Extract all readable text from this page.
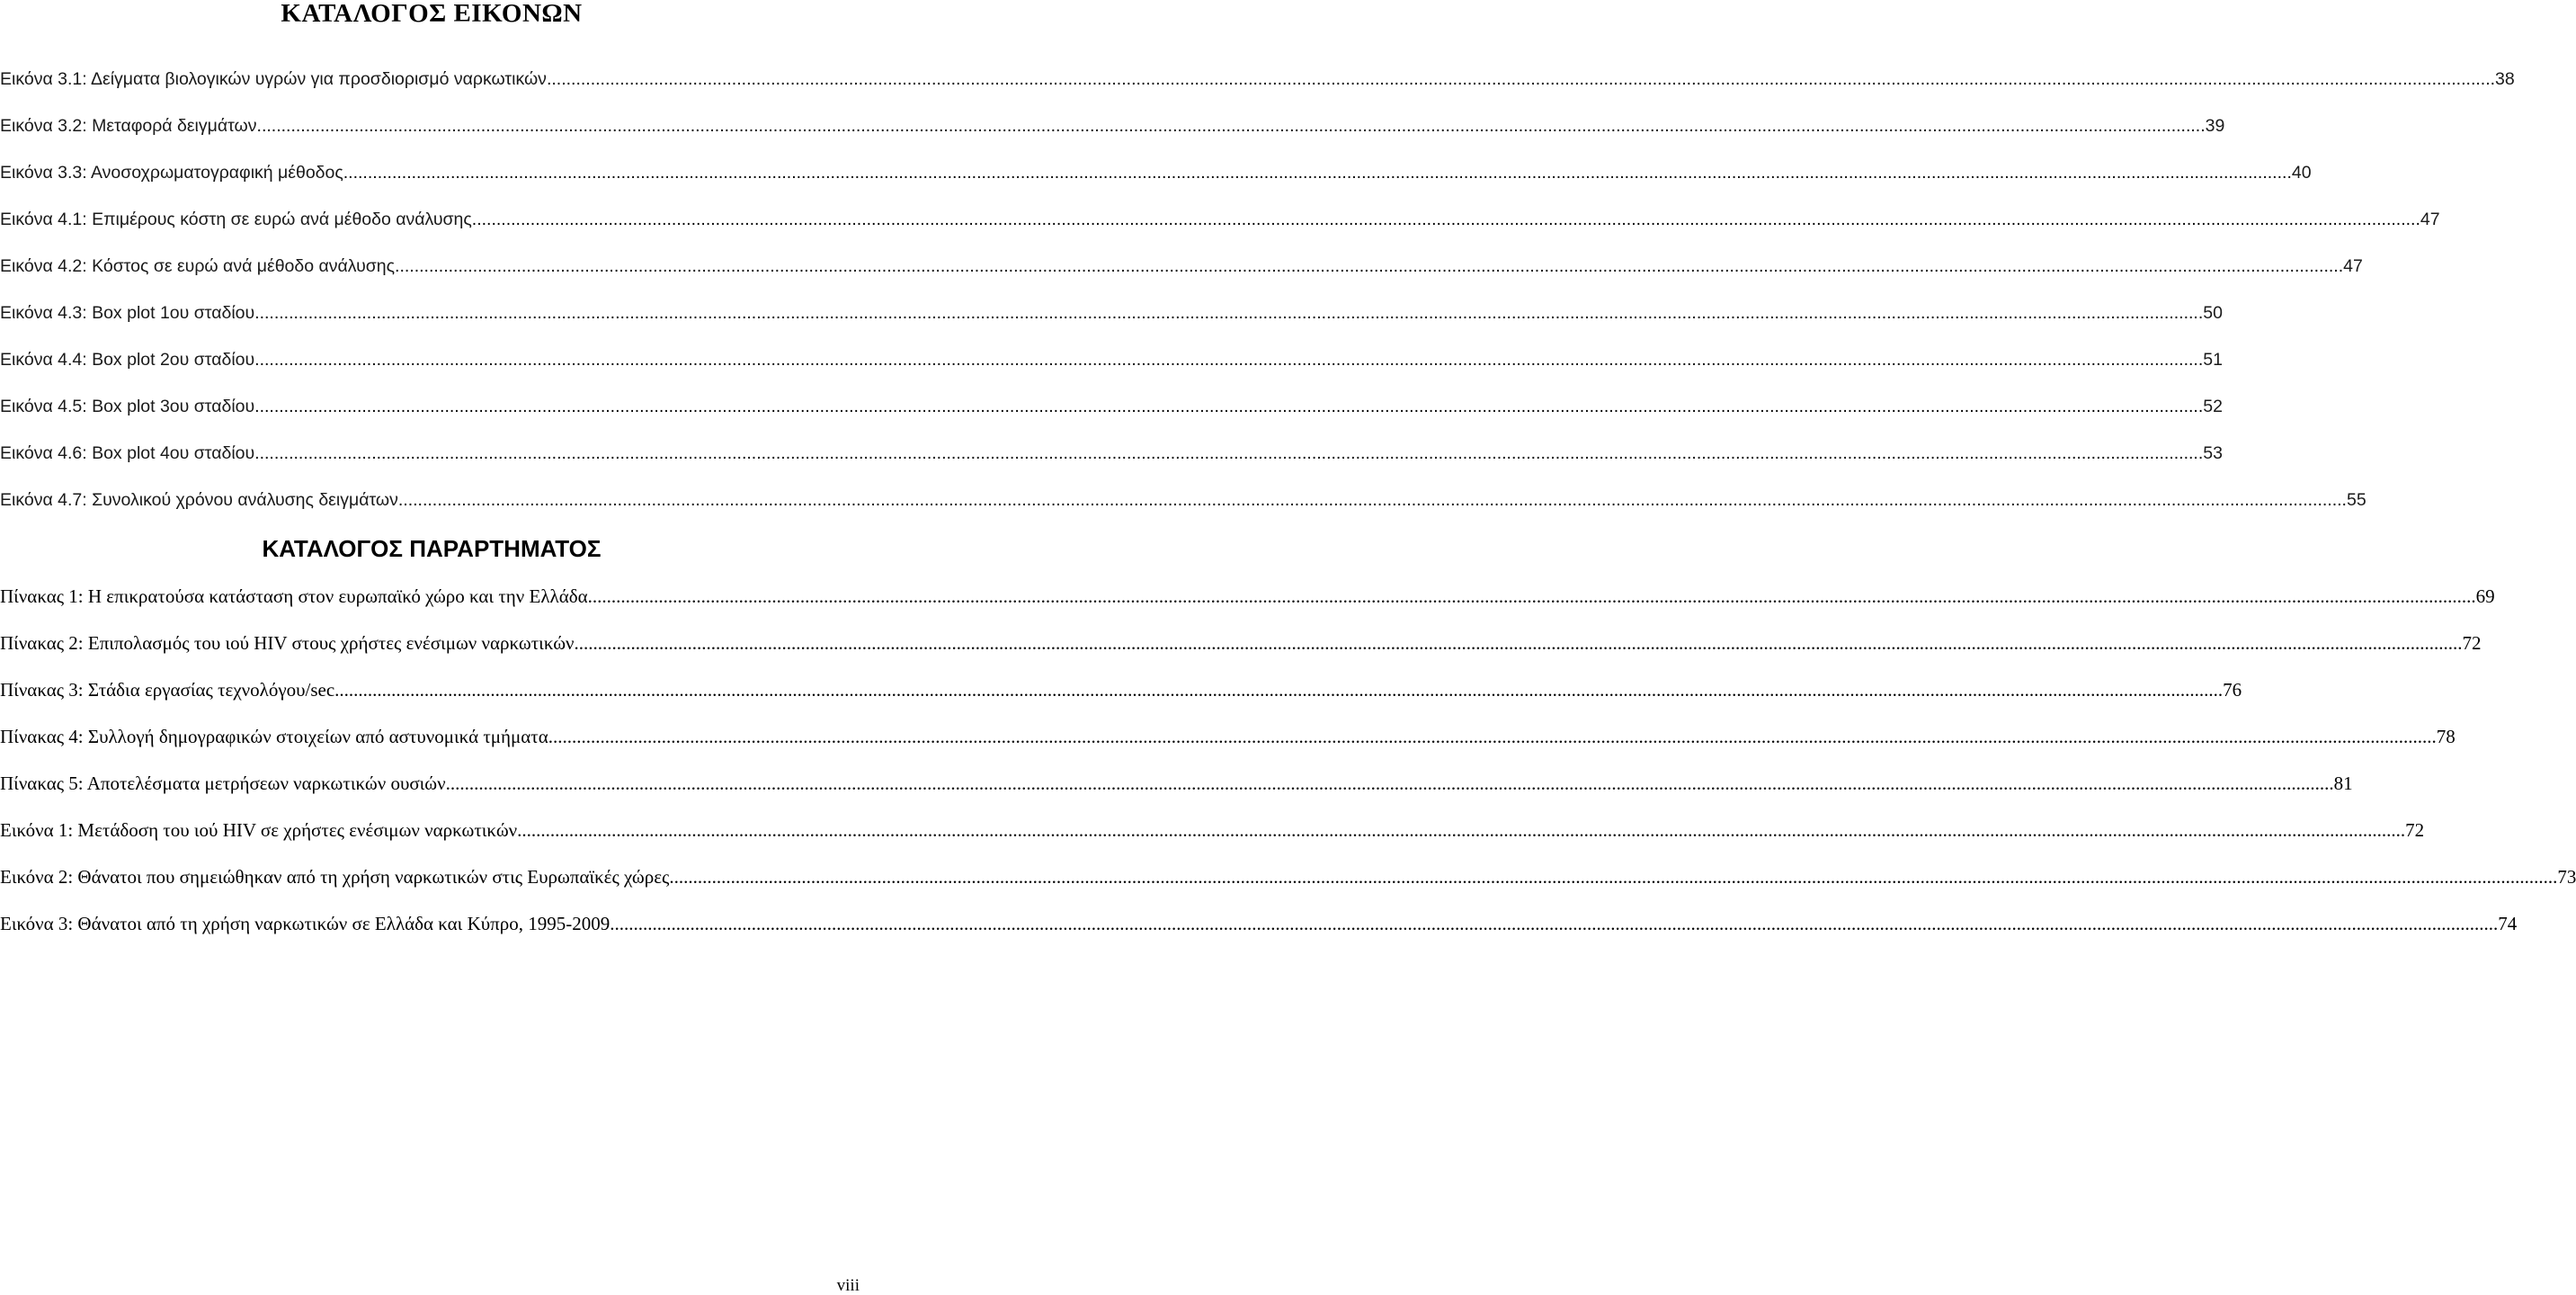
ΚΑΤΑΛΟΓΟΣ ΕΙΚΟΝΩΝ
Εικόνα 3.1: Δείγματα βιολογικών υγρών για προσδιορισμό ναρκωτικών ................................................................................................................................................................................................................................................................................................................................................................................................................ 38
Εικόνα 3.2: Μεταφορά δειγμάτων ................................................................................................................................................................................................................................................................................................................................................................................................................ 39
Εικόνα 3.3: Ανοσοχρωματογραφική μέθοδος ................................................................................................................................................................................................................................................................................................................................................................................................................ 40
Εικόνα 4.1: Επιμέρους κόστη σε ευρώ ανά μέθοδο ανάλυσης ................................................................................................................................................................................................................................................................................................................................................................................................................ 47
Εικόνα 4.2: Κόστος σε ευρώ ανά μέθοδο ανάλυσης ................................................................................................................................................................................................................................................................................................................................................................................................................ 47
Εικόνα 4.3: Box plot 1ου σταδίου ................................................................................................................................................................................................................................................................................................................................................................................................................ 50
Εικόνα 4.4: Box plot 2ου σταδίου ................................................................................................................................................................................................................................................................................................................................................................................................................ 51
Εικόνα 4.5: Box plot 3ου σταδίου ................................................................................................................................................................................................................................................................................................................................................................................................................ 52
Εικόνα 4.6: Box plot 4ου σταδίου ................................................................................................................................................................................................................................................................................................................................................................................................................ 53
Εικόνα 4.7: Συνολικού χρόνου ανάλυσης δειγμάτων ................................................................................................................................................................................................................................................................................................................................................................................................................ 55
ΚΑΤΑΛΟΓΟΣ ΠΑΡΑΡΤΗΜΑΤΟΣ
Πίνακας 1: Η επικρατούσα κατάσταση στον ευρωπαϊκό χώρο και την Ελλάδα ................................................................................................................................................................................................................................................................................................................................................................................................................ 69
Πίνακας 2: Επιπολασμός του ιού HIV στους χρήστες ενέσιμων ναρκωτικών ................................................................................................................................................................................................................................................................................................................................................................................................................ 72
Πίνακας 3: Στάδια εργασίας τεχνολόγου/sec ................................................................................................................................................................................................................................................................................................................................................................................................................ 76
Πίνακας 4: Συλλογή δημογραφικών στοιχείων από αστυνομικά τμήματα ................................................................................................................................................................................................................................................................................................................................................................................................................ 78
Πίνακας 5: Αποτελέσματα μετρήσεων ναρκωτικών ουσιών ................................................................................................................................................................................................................................................................................................................................................................................................................ 81
Εικόνα 1: Μετάδοση του ιού HIV σε χρήστες ενέσιμων ναρκωτικών ................................................................................................................................................................................................................................................................................................................................................................................................................ 72
Εικόνα 2: Θάνατοι που σημειώθηκαν από τη χρήση ναρκωτικών στις Ευρωπαϊκές χώρες ................................................................................................................................................................................................................................................................................................................................................................................................................ 73
Εικόνα 3: Θάνατοι από τη χρήση ναρκωτικών σε Ελλάδα και Κύπρο, 1995-2009 ................................................................................................................................................................................................................................................................................................................................................................................................................ 74
viii
